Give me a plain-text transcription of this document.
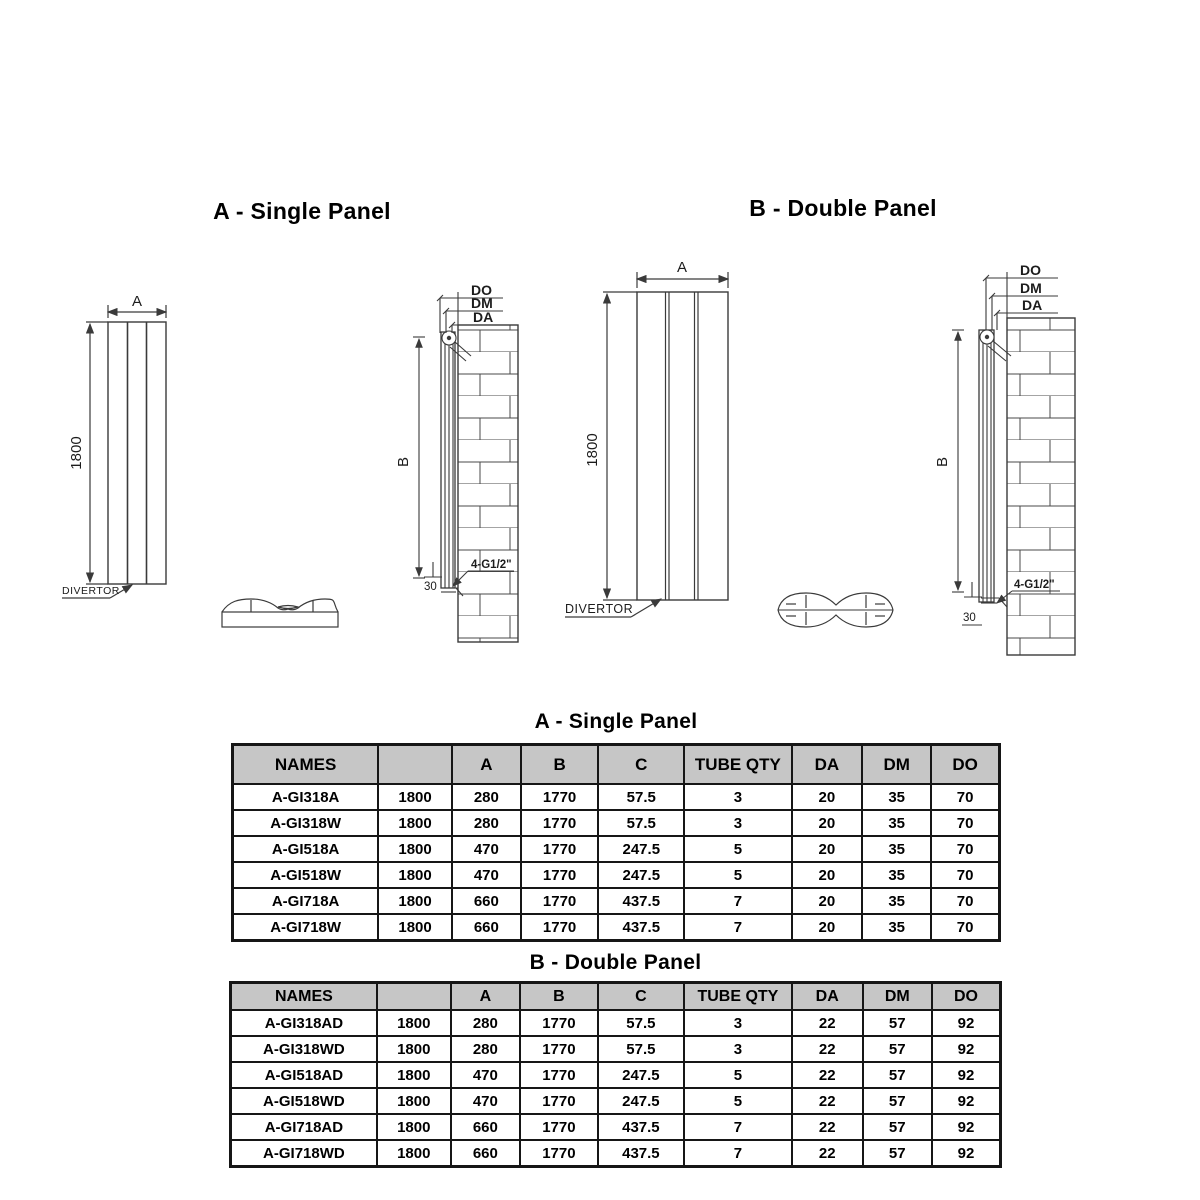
A - Single Panel	B - Double Panel
A
1800
DIVERTOR
B
DO
DM
DA
4-G1/2"
30
A
1800
DIVERTOR
B
DO
DM
DA
4-G1/2"
30
A - Single Panel
NAMES		A	B	C	TUBE QTY	DA	DM	DO
A-GI318A	1800	280	1770	57.5	3	20	35	70
A-GI318W	1800	280	1770	57.5	3	20	35	70
A-GI518A	1800	470	1770	247.5	5	20	35	70
A-GI518W	1800	470	1770	247.5	5	20	35	70
A-GI718A	1800	660	1770	437.5	7	20	35	70
A-GI718W	1800	660	1770	437.5	7	20	35	70
B - Double Panel
NAMES		A	B	C	TUBE QTY	DA	DM	DO
A-GI318AD	1800	280	1770	57.5	3	22	57	92
A-GI318WD	1800	280	1770	57.5	3	22	57	92
A-GI518AD	1800	470	1770	247.5	5	22	57	92
A-GI518WD	1800	470	1770	247.5	5	22	57	92
A-GI718AD	1800	660	1770	437.5	7	22	57	92
A-GI718WD	1800	660	1770	437.5	7	22	57	92
